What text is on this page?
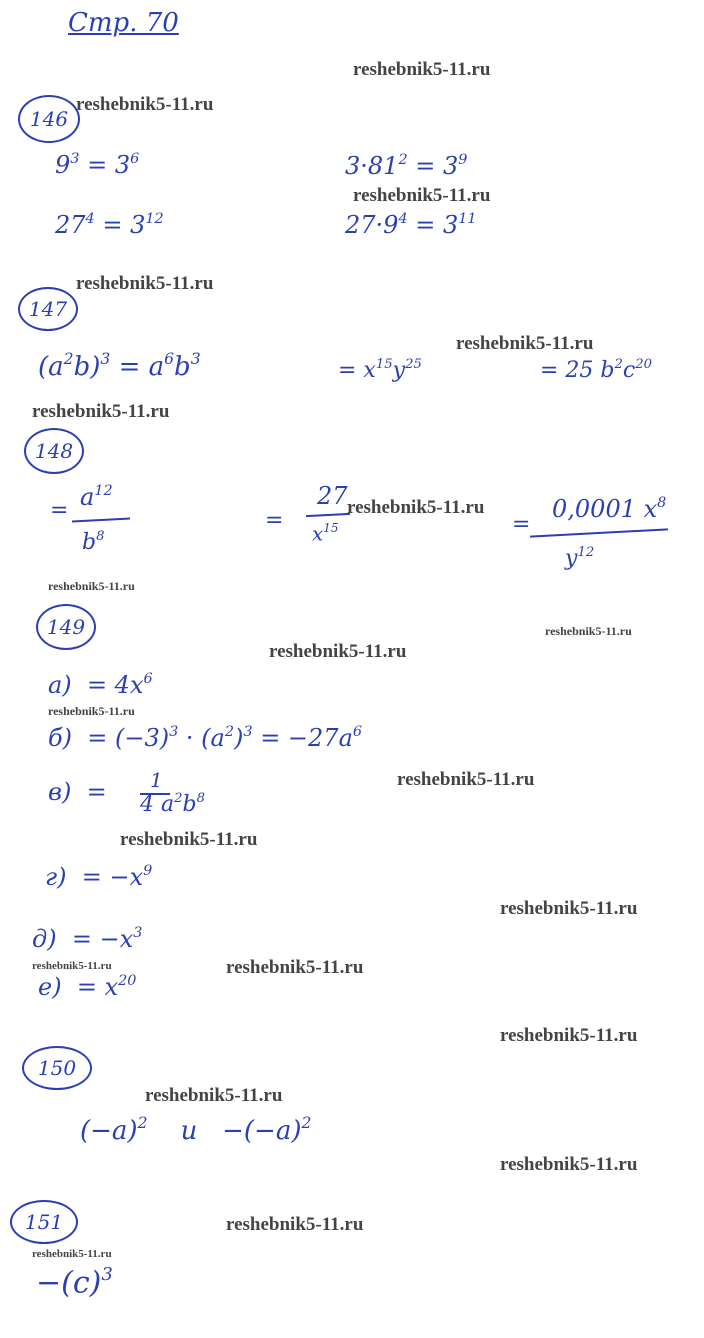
Стр. 70
reshebnik5-11.ru
reshebnik5-11.ru
reshebnik5-11.ru
reshebnik5-11.ru
reshebnik5-11.ru
reshebnik5-11.ru
reshebnik5-11.ru
reshebnik5-11.ru
reshebnik5-11.ru
reshebnik5-11.ru
reshebnik5-11.ru
reshebnik5-11.ru
reshebnik5-11.ru
reshebnik5-11.ru
reshebnik5-11.ru	reshebnik5-11.ru
reshebnik5-11.ru
reshebnik5-11.ru
reshebnik5-11.ru
reshebnik5-11.ru
reshebnik5-11.ru
146
$9^3 = 3^6$	$3\cdot 81^2 = 3^9$
$27^4 = 3^{12}$	$27\cdot 9^4 = 3^{11}$
147
$(a^2b)^3 = a^6b^3$	= $x^{15}y^{25}$	= 25 $b^2c^{20}$
148
= $a^{12}$
$b^8$
=
27
$x^{15}$	=
0,0001 $x^8$
$y^{12}$
149
$a) = 4x^6$
$б) = (-3)^3 \cdot (a^2)^3 = -27a^6$
в) = 1
4 $a^2b^8$
$г) = -x^9$
$д) = -x^3$
$е) = x^{20}$
150
$(-a)^2$ $и -(-a)^2$
151
$-(c)^3$
